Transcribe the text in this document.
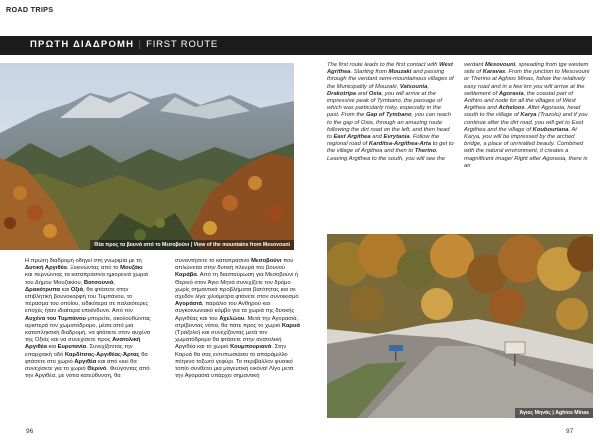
ROAD TRIPS
ΠΡΩΤΗ ΔΙΑΔΡΟΜΗ | FIRST ROUTE
Θέα προς τα βουνά από το Μεσοβούνι | View of the mountains from Mesovouni
The first route leads to the first contact with West Agrithea. Starting from Mouzaki and passing through the verdant semi-mountainous villages of the Municipality of Mouzaki, Vatsounia, Drakotripa and Oxia, you will arrive at the impressive peak of Tymbano, the passage of which was particularly risky, especially in the past. From the Gap of Tymbano, you can reach to the gap of Oxia, through an amazing route following the dirt road on the left, and then head to East Argithea and Evrytania. Follow the regional road of Karditsa-Argithea-Arta to get to the village of Argithea and then to Therino. Leaving Argithea to the south, you will see the
verdant Mesovouni, spreading from tge westem side of Karavas. From the junction to Mesovouni or Therino at Aghios Minas, follow the relatively easy road and in a few km you will arrive at the settlement of Agorasia, the coastal part of Anthiro and node for all the villages of West Argithea and Acheloos. After Agorasia, head south to the village of Karya (Trazolo) and if you continue after the dirt road, you will get to East Argithea and the village of Koubouriana. At Karya, you will be impressed by the arched bridge, a place of unrivalled beauty. Combined with the natural environment, it creates a magnificent image! Right after Agorasia, there is an
Άγιος Μηνάς | Aghios Minas
Η πρώτη διαδρομή οδηγεί στη γνωριμία με τη Δυτική Αργιθέα. Ξεκινώντας από το Μουζάκι και περνώντας τα καταπράσινα ημιορεινά χωριά του Δήμου Μουζακίου, Βατσουνιά, Δρακότρυπα και Οξιά, θα φτάσετε στην επιβλητική βουνοκορφή του Τυμπάνου, το πέρασμα του οποίου, ειδικότερα σε παλαιότερες εποχές ήταν ιδιαίτερα επικίνδυνο. Από τον Αυχένα του Τυμπάνου μπορείτε, ακολουθώντας αριστερά τον χωματόδρομο, μέσα από μια καταπληκτική διαδρομή, να φτάσετε στον αυχένα της Οξιάς και να συνεχίσετε προς Ανατολική Αργιθέα και Ευρυτανία. Συνεχίζοντας την επαρχιακή οδό Καρδίτσας-Αργιθέας-Άρτας θα φτάσετε στο χωριό Αργιθέα και από εκεί θα συνεχίσετε για το χωριό Θερινό. Φεύγοντας από την Αργιθέα, με νότια κατεύθυνση, θα
συναντήσετε το καταπράσινο Μεσοβούνι που απλώνεται στην δυτική πλευρά του βουνού Καράβα. Από τη διασταύρωση για Μεσοβούνι ή Θερινό στον Άγιο Μηνά συνεχίζετε τον δρόμο χωρίς σημαντικά προβλήματα βατότητας και σε σχεδόν λίγα χιλιόμετρα φτάνετε στον συνοικισμό Αγοράσιά, παράλιο του Ανθηρού και συγκοινωνιακό κόμβο για τα χωριά της δυτικής Αργιθέας και του Αχελώου. Μετά την Αγορασιά, στρίβοντας νότια, θα πάτε προς το χωριό Καρυά (Τράζολο) και συνεχίζοντας μετά τον χωματόδρομο θα φτάσετε στην ανατολική Αργιθέα και το χωριό Κουμπουριανά. Στην Καρυά θα σας εντυπωσιάσει το απαράμιλλο πέτρινο τοξωτό γεφύρι. Το περιβάλλον φυσικό τοπίο συνθέτει μια μαγευτική εικόνα! Λίγο μετά την Αγορασιά υπάρχει σημαντική
96	97
